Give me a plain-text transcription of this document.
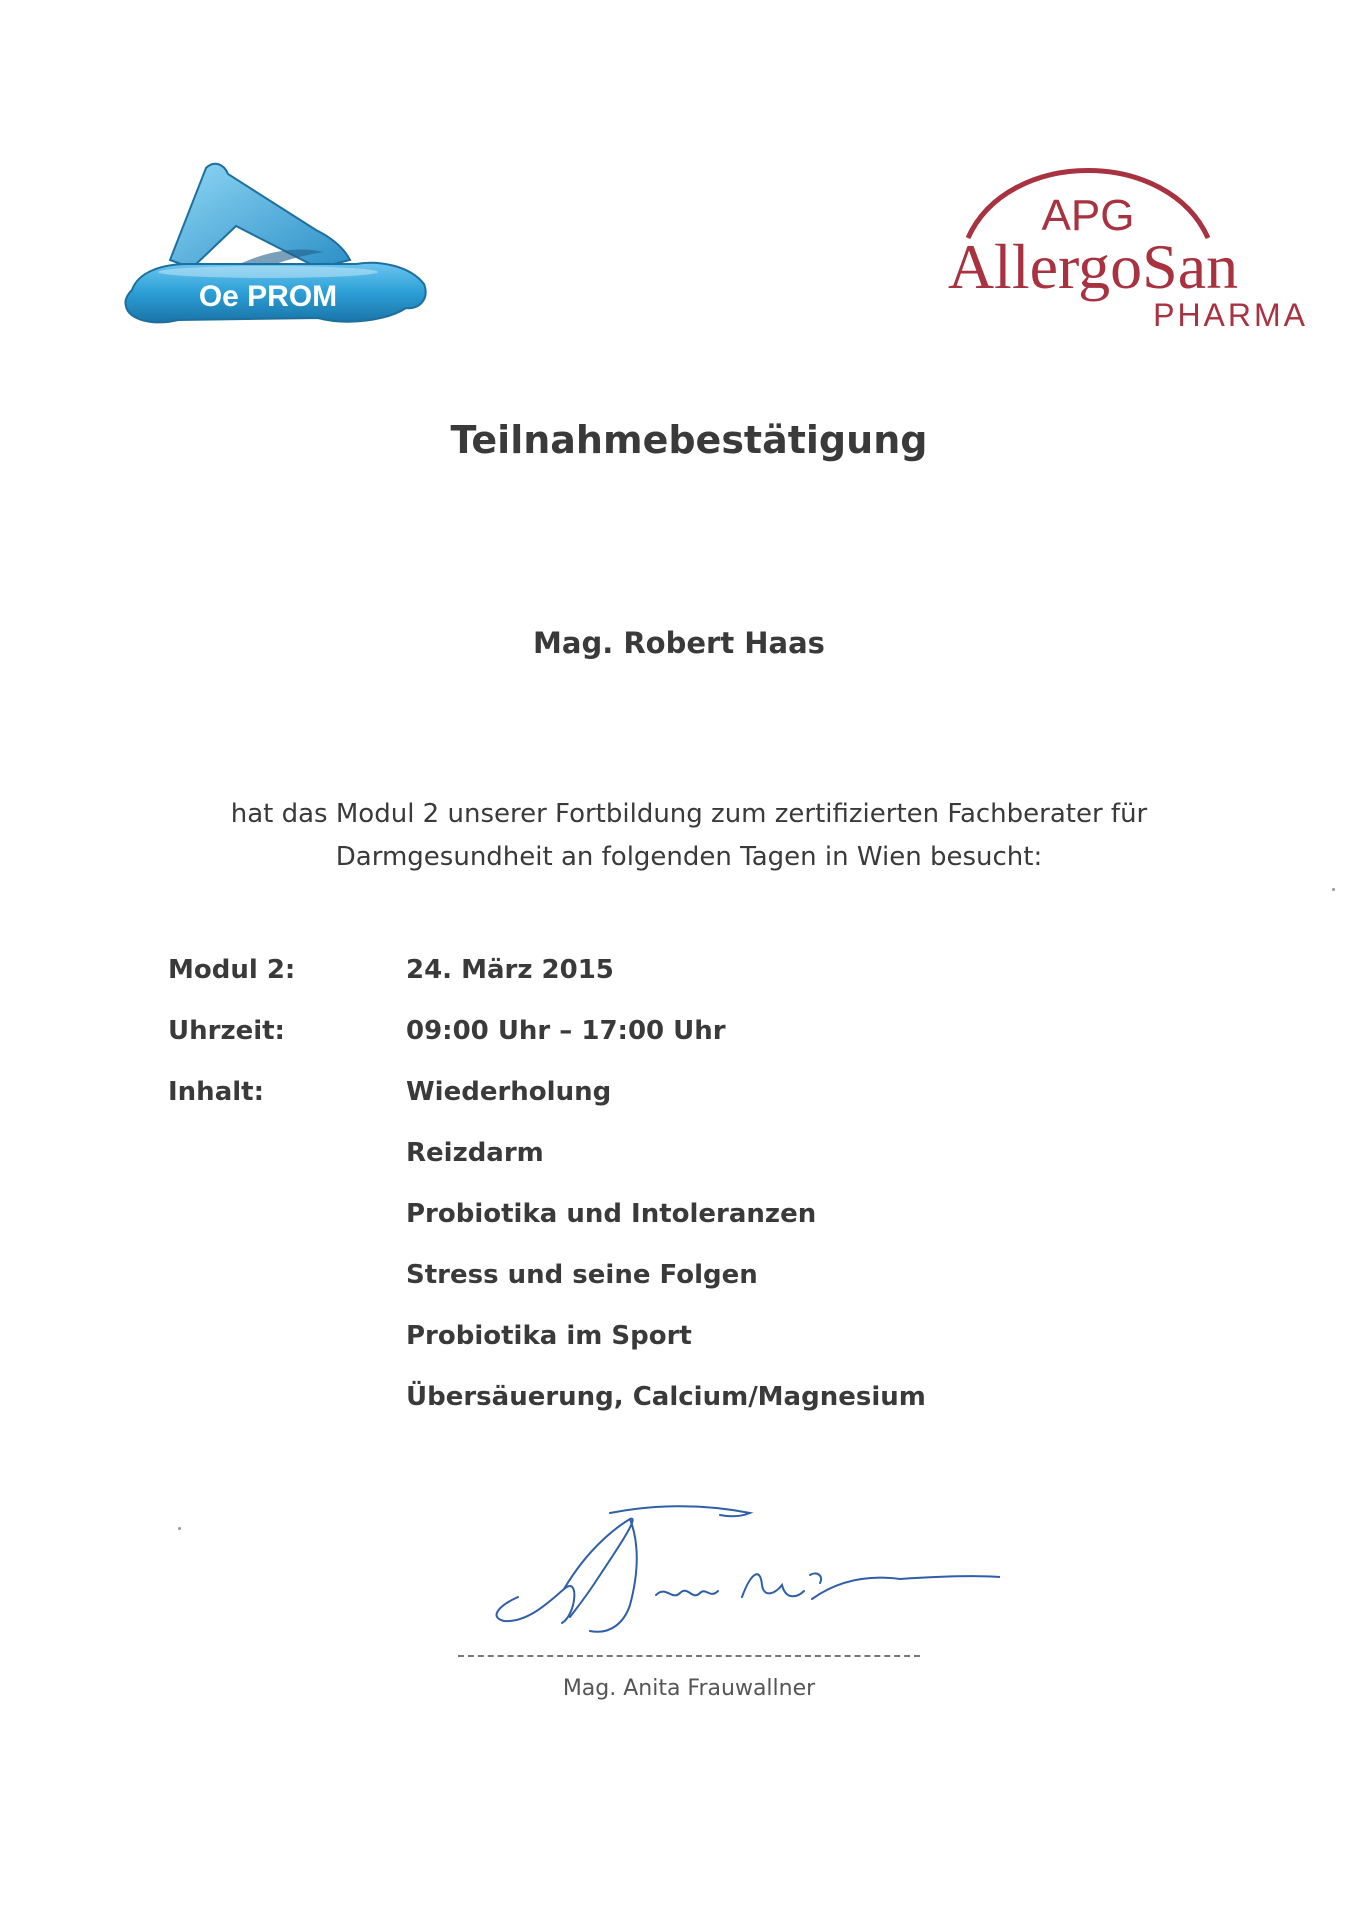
Oe PROM
APG
AllergoSan
PHARMA
Teilnahmebestätigung
Mag. Robert Haas
hat das Modul 2 unserer Fortbildung zum zertifizierten Fachberater für
Darmgesundheit an folgenden Tagen in Wien besucht:
Modul 2:	24. März 2015
Uhrzeit:	09:00 Uhr – 17:00 Uhr
Inhalt:	Wiederholung
Reizdarm
Probiotika und Intoleranzen
Stress und seine Folgen
Probiotika im Sport
Übersäuerung, Calcium/Magnesium
Mag. Anita Frauwallner
